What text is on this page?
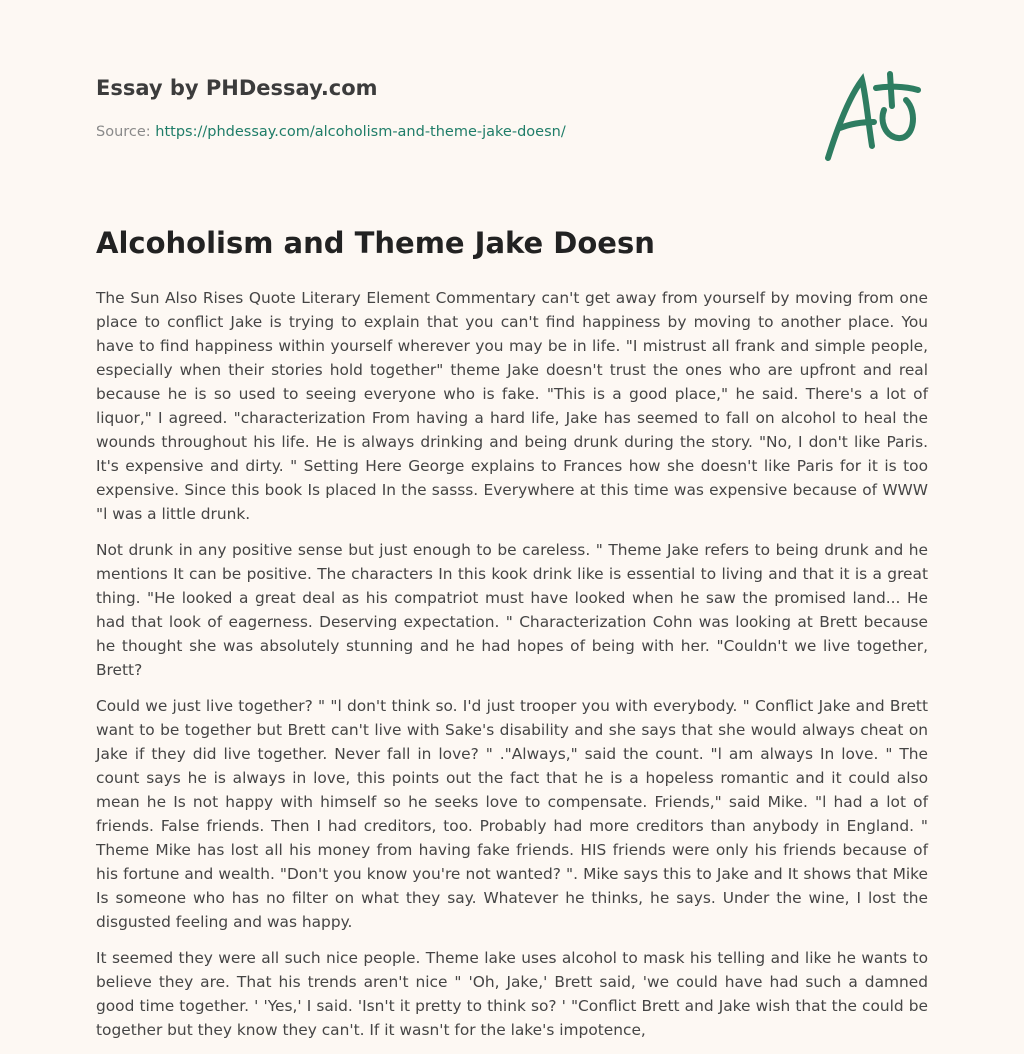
Essay by PHDessay.com
Source: https://phdessay.com/alcoholism-and-theme-jake-doesn/
Alcoholism and Theme Jake Doesn

The Sun Also Rises Quote Literary Element Commentary can't get away from yourself by moving from one place to conflict Jake is trying to explain that you can't find happiness by moving to another place. You have to find happiness within yourself wherever you may be in life. "I mistrust all frank and simple people, especially when their stories hold together" theme Jake doesn't trust the ones who are upfront and real because he is so used to seeing everyone who is fake. "This is a good place," he said. There's a lot of liquor," I agreed. "characterization From having a hard life, Jake has seemed to fall on alcohol to heal the wounds throughout his life. He is always drinking and being drunk during the story. "No, I don't like Paris. It's expensive and dirty. " Setting Here George explains to Frances how she doesn't like Paris for it is too expensive. Since this book Is placed In the sasss. Everywhere at this time was expensive because of WWW "l was a little drunk.

Not drunk in any positive sense but just enough to be careless. " Theme Jake refers to being drunk and he mentions It can be positive. The characters In this kook drink like is essential to living and that it is a great thing. "He looked a great deal as his compatriot must have looked when he saw the promised land... He had that look of eagerness. Deserving expectation. " Characterization Cohn was looking at Brett because he thought she was absolutely stunning and he had hopes of being with her. "Couldn't we live together, Brett?

Could we just live together? " "l don't think so. I'd just trooper you with everybody. " Conflict Jake and Brett want to be together but Brett can't live with Sake's disability and she says that she would always cheat on Jake if they did live together. Never fall in love? " ."Always," said the count. "l am always In love. " The count says he is always in love, this points out the fact that he is a hopeless romantic and it could also mean he Is not happy with himself so he seeks love to compensate. Friends," said Mike. "l had a lot of friends. False friends. Then I had creditors, too. Probably had more creditors than anybody in England. " Theme Mike has lost all his money from having fake friends. HIS friends were only his friends because of his fortune and wealth. "Don't you know you're not wanted? ". Mike says this to Jake and It shows that Mike Is someone who has no filter on what they say. Whatever he thinks, he says. Under the wine, I lost the disgusted feeling and was happy.

It seemed they were all such nice people. Theme lake uses alcohol to mask his telling and like he wants to believe they are. That his trends aren't nice " 'Oh, Jake,' Brett said, 'we could have had such a damned good time together. ' 'Yes,' I said. 'Isn't it pretty to think so? ' "Conflict Brett and Jake wish that the could be together but they know they can't. If it wasn't for the lake's impotence,
